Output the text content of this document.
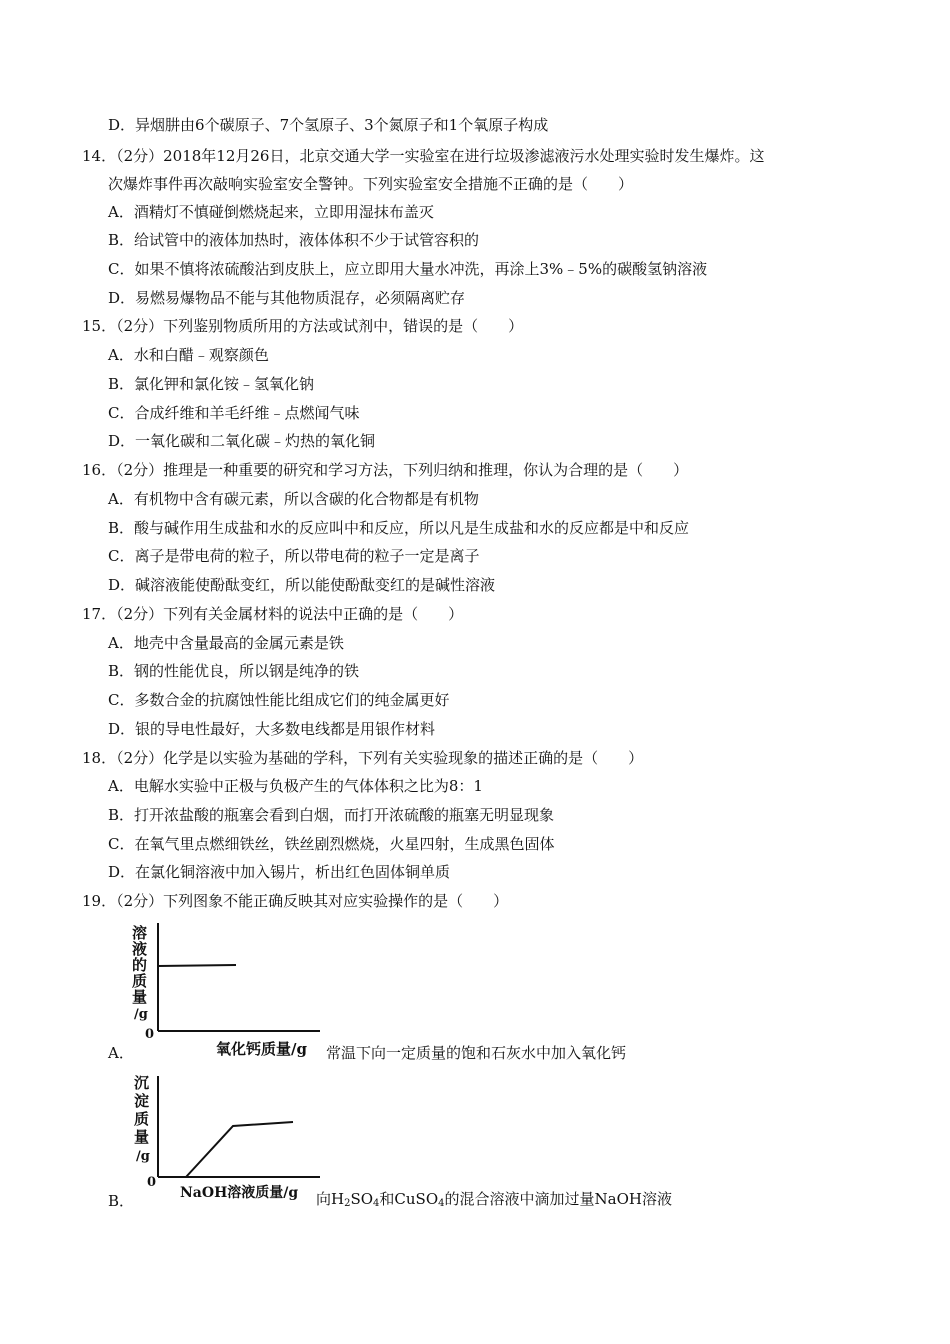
D．异烟肼由6个碳原子、7个氢原子、3个氮原子和1个氧原子构成
14．（2分）2018年12月26日，北京交通大学一实验室在进行垃圾渗滤液污水处理实验时发生爆炸。这
次爆炸事件再次敲响实验室安全警钟。下列实验室安全措施不正确的是（　　）
A．酒精灯不慎碰倒燃烧起来，立即用湿抹布盖灭
B．给试管中的液体加热时，液体体积不少于试管容积的
C．如果不慎将浓硫酸沾到皮肤上，应立即用大量水冲洗，再涂上3%﹣5%的碳酸氢钠溶液
D．易燃易爆物品不能与其他物质混存，必须隔离贮存
15．（2分）下列鉴别物质所用的方法或试剂中，错误的是（　　）
A．水和白醋﹣观察颜色
B．氯化钾和氯化铵﹣氢氧化钠
C．合成纤维和羊毛纤维﹣点燃闻气味
D．一氧化碳和二氧化碳﹣灼热的氧化铜
16．（2分）推理是一种重要的研究和学习方法，下列归纳和推理，你认为合理的是（　　）
A．有机物中含有碳元素，所以含碳的化合物都是有机物
B．酸与碱作用生成盐和水的反应叫中和反应，所以凡是生成盐和水的反应都是中和反应
C．离子是带电荷的粒子，所以带电荷的粒子一定是离子
D．碱溶液能使酚酞变红，所以能使酚酞变红的是碱性溶液
17．（2分）下列有关金属材料的说法中正确的是（　　）
A．地壳中含量最高的金属元素是铁
B．钢的性能优良，所以钢是纯净的铁
C．多数合金的抗腐蚀性能比组成它们的纯金属更好
D．银的导电性最好，大多数电线都是用银作材料
18．（2分）化学是以实验为基础的学科，下列有关实验现象的描述正确的是（　　）
A．电解水实验中正极与负极产生的气体体积之比为8：1
B．打开浓盐酸的瓶塞会看到白烟，而打开浓硫酸的瓶塞无明显现象
C．在氧气里点燃细铁丝，铁丝剧烈燃烧，火星四射，生成黑色固体
D．在氯化铜溶液中加入锡片，析出红色固体铜单质
19．（2分）下列图象不能正确反映其对应实验操作的是（　　）
溶
液
的
质
量
/g
0
氧化钙质量/g
A．	常温下向一定质量的饱和石灰水中加入氧化钙
沉
淀
质
量
/g
0
NaOH溶液质量/g
B．	向$H_2SO_4$和CuSO$_4$的混合溶液中滴加过量NaOH溶液
